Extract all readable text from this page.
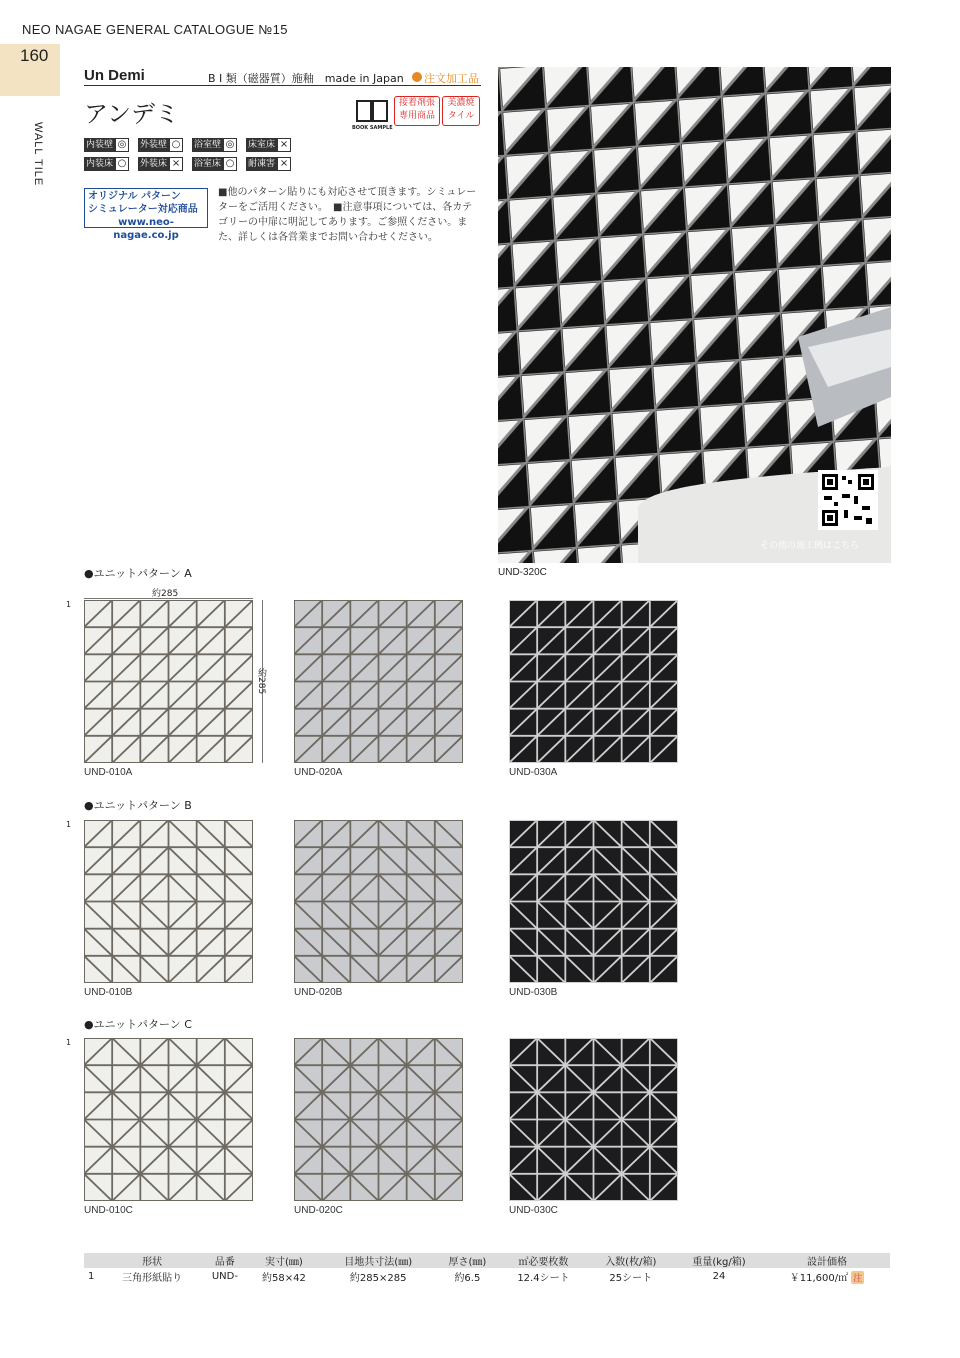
NEO NAGAE GENERAL CATALOGUE №15
160
WALL TILE
Un Demi	B I 類（磁器質）施釉　made in Japan 注文加工品
アンデミ	BOOK SAMPLE
接着剤張 専用商品
美濃焼 タイル
内装壁 ◎ 外装壁 ○ 浴室壁 ◎ 床室床 ×
内装床 ○ 外装床 ×	浴室床 ○ 耐凍害 ×
オリジナル パターン
シミュレーター対応商品
www.neo-nagae.co.jp
■他のパターン貼りにも対応させて頂きます。シミュレーターをご活用ください。　■注意事項については、各カテゴリーの中扉に明記してあります。ご参照ください。また、詳しくは各営業までお問い合わせください。
その他の施工例はこちら
UND-320C
●ユニットパターン A
●ユニットパターン B
●ユニットパターン C
1
1
1
約285
約285
UND-010A	UND-020A	UND-030A
UND-010B	UND-020B	UND-030B
UND-010C	UND-020C	UND-030C
	形状	品番	実寸(㎜)	目地共寸法(㎜)	厚さ(㎜)	㎡必要枚数	入数(枚/箱)	重量(kg/箱)	設計価格
1	三角形紙貼り	UND-	約58×42	約285×285	約6.5	12.4シート	25シート	24	￥11,600/㎡ 注
